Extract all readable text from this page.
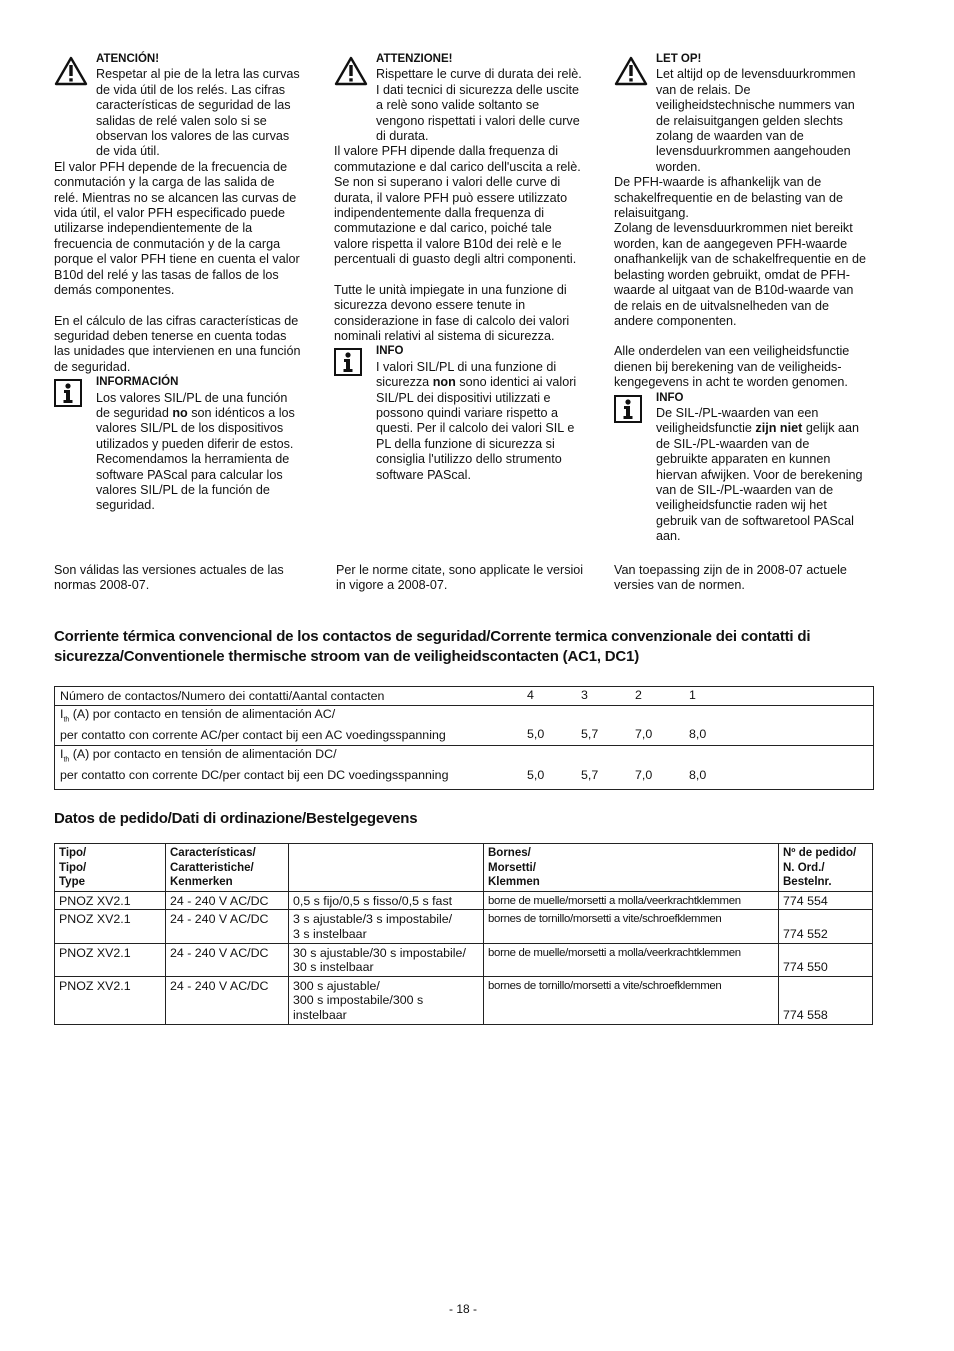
ATENCIÓN!

Respetar al pie de la letra las curvas

de vida útil de los relés. Las cifras

características de seguridad de las

salidas de relé valen solo si se

observan los valores de las curvas

de vida útil.

El valor PFH depende de la frecuencia de

conmutación y la carga de las salida de

relé. Mientras no se alcancen las curvas de

vida útil, el valor PFH especificado puede

utilizarse independientemente de la

frecuencia de conmutación y de la carga

porque el valor PFH tiene en cuenta el valor

B10d del relé y las tasas de fallos de los

demás componentes.

En el cálculo de las cifras características de

seguridad deben tenerse en cuenta todas

las unidades que intervienen en una función

de seguridad.

INFORMACIÓN

Los valores SIL/PL de una función

de seguridad no son idénticos a los

valores SIL/PL de los dispositivos

utilizados y pueden diferir de estos.

Recomendamos la herramienta de

software PAScal para calcular los

valores SIL/PL de la función de

seguridad.

Son válidas las versiones actuales de las

normas 2008-07.

ATTENZIONE!

Rispettare le curve di durata dei relè.

I dati tecnici di sicurezza delle uscite

a relè sono valide soltanto se

vengono rispettati i valori delle curve

di durata.

Il valore PFH dipende dalla frequenza di

commutazione e dal carico dell'uscita a relè.

Se non si superano i valori delle curve di

durata, il valore PFH può essere utilizzato

indipendentemente dalla frequenza di

commutazione e dal carico, poiché tale

valore rispetta il valore B10d dei relè e le

percentuali di guasto degli altri componenti.

Tutte le unità impiegate in una funzione di

sicurezza devono essere tenute in

considerazione in fase di calcolo dei valori

nominali relativi al sistema di sicurezza.

INFO

I valori SIL/PL di una funzione di

sicurezza non sono identici ai valori

SIL/PL dei dispositivi utilizzati e

possono quindi variare rispetto a

questi. Per il calcolo dei valori SIL e

PL della funzione di sicurezza si

consiglia l'utilizzo dello strumento

software PAScal.

Per le norme citate, sono applicate le versioi

in vigore a 2008-07.

LET OP!

Let altijd op de levensduurkrommen

van de relais. De

veiligheidstechnische nummers van

de relaisuitgangen gelden slechts

zolang de waarden van de

levensduurkrommen aangehouden

worden.

De PFH-waarde is afhankelijk van de

schakelfrequentie en de belasting van de

relaisuitgang.

Zolang de levensduurkrommen niet bereikt

worden, kan de aangegeven PFH-waarde

onafhankelijk van de schakelfrequentie en de

belasting worden gebruikt, omdat de PFH-

waarde al uitgaat van de B10d-waarde van

de relais en de uitvalsnelheden van de

andere componenten.

Alle onderdelen van een veiligheidsfunctie

dienen bij berekening van de veiligheids-

kengegevens in acht te worden genomen.

INFO

De SIL-/PL-waarden van een

veiligheidsfunctie zijn niet gelijk aan

de SIL-/PL-waarden van de

gebruikte apparaten en kunnen

hiervan afwijken. Voor de berekening

van de SIL-/PL-waarden van de

veiligheidsfunctie raden wij het

gebruik van de softwaretool PAScal

aan.

Van toepassing zijn de in 2008-07 actuele

versies van de normen.

Corriente térmica convencional de los contactos de seguridad/Corrente termica convenzionale dei contatti di
sicurezza/Conventionele thermische stroom van de veiligheidscontacten (AC1, DC1)
Número de contactos/Numero dei contatti/Aantal contacten	4	3	2	1	
$I_{th}$ (A) por contacto en tensión de alimentación AC/
per contatto con corrente AC/per contact bij een AC voedingsspanning	5,0	5,7	7,0	8,0	
$I_{th}$ (A) por contacto en tensión de alimentación DC/
per contatto con corrente DC/per contact bij een DC voedingsspanning	5,0	5,7	7,0	8,0	
Datos de pedido/Dati di ordinazione/Bestelgegevens
Tipo/
Tipo/
Type	Características/
Caratteristiche/
Kenmerken		Bornes/
Morsetti/
Klemmen	Nº de pedido/
N. Ord./
Bestelnr.
PNOZ XV2.1	24 - 240 V AC/DC	0,5 s fijo/0,5 s fisso/0,5 s fast	borne de muelle/morsetti a molla/veerkrachtklemmen	774 554
PNOZ XV2.1	24 - 240 V AC/DC	3 s ajustable/3 s impostabile/
3 s instelbaar	bornes de tornillo/morsetti a vite/schroefklemmen	774 552
PNOZ XV2.1	24 - 240 V AC/DC	30 s ajustable/30 s impostabile/
30 s instelbaar	borne de muelle/morsetti a molla/veerkrachtklemmen	774 550
PNOZ XV2.1	24 - 240 V AC/DC	300 s ajustable/
300 s impostabile/300 s
instelbaar	bornes de tornillo/morsetti a vite/schroefklemmen	774 558
- 18 -
